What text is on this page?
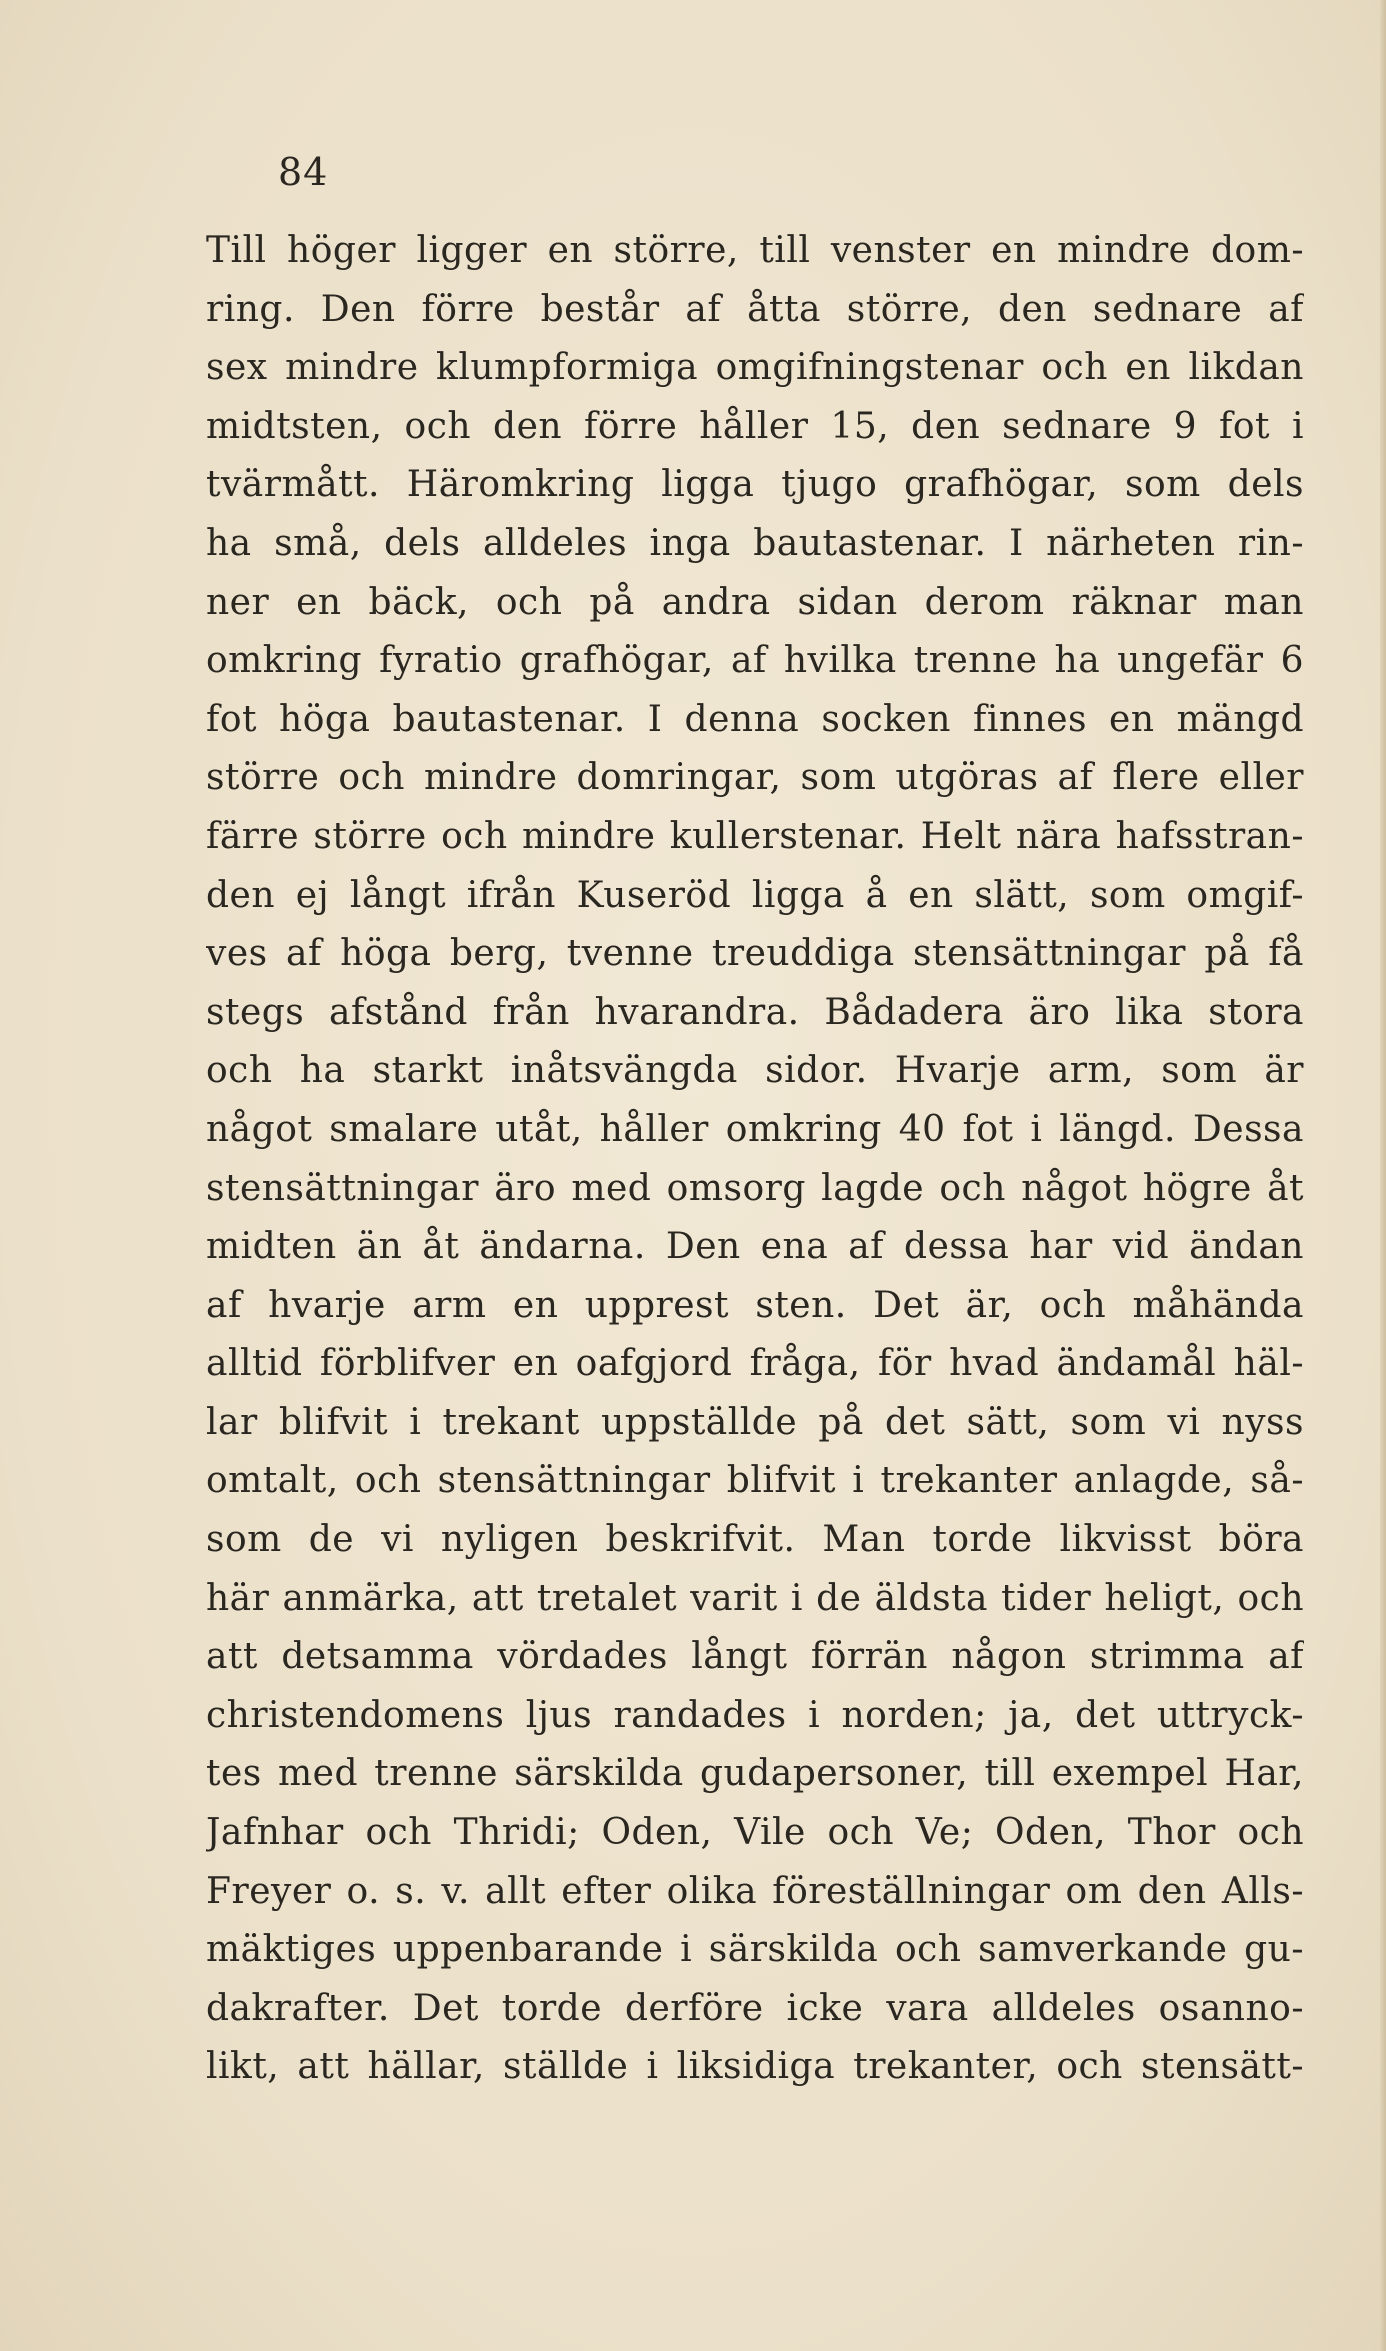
84
Till höger ligger en större, till venster en mindre dom-
ring. Den förre består af åtta större, den sednare af
sex mindre klumpformiga omgifningstenar och en likdan
midtsten, och den förre håller 15, den sednare 9 fot i
tvärmått. Häromkring ligga tjugo grafhögar, som dels
ha små, dels alldeles inga bautastenar. I närheten rin-
ner en bäck, och på andra sidan derom räknar man
omkring fyratio grafhögar, af hvilka trenne ha ungefär 6
fot höga bautastenar. I denna socken finnes en mängd
större och mindre domringar, som utgöras af flere eller
färre större och mindre kullerstenar. Helt nära hafsstran-
den ej långt ifrån Kuseröd ligga å en slätt, som omgif-
ves af höga berg, tvenne treuddiga stensättningar på få
stegs afstånd från hvarandra. Bådadera äro lika stora
och ha starkt inåtsvängda sidor. Hvarje arm, som är
något smalare utåt, håller omkring 40 fot i längd. Dessa
stensättningar äro med omsorg lagde och något högre åt
midten än åt ändarna. Den ena af dessa har vid ändan
af hvarje arm en upprest sten. Det är, och måhända
alltid förblifver en oafgjord fråga, för hvad ändamål häl-
lar blifvit i trekant uppställde på det sätt, som vi nyss
omtalt, och stensättningar blifvit i trekanter anlagde, så-
som de vi nyligen beskrifvit. Man torde likvisst böra
här anmärka, att tretalet varit i de äldsta tider heligt, och
att detsamma vördades långt förrän någon strimma af
christendomens ljus randades i norden; ja, det uttryck-
tes med trenne särskilda gudapersoner, till exempel Har,
Jafnhar och Thridi; Oden, Vile och Ve; Oden, Thor och
Freyer o. s. v. allt efter olika föreställningar om den Alls-
mäktiges uppenbarande i särskilda och samverkande gu-
dakrafter. Det torde derföre icke vara alldeles osanno-
likt, att hällar, ställde i liksidiga trekanter, och stensätt-
